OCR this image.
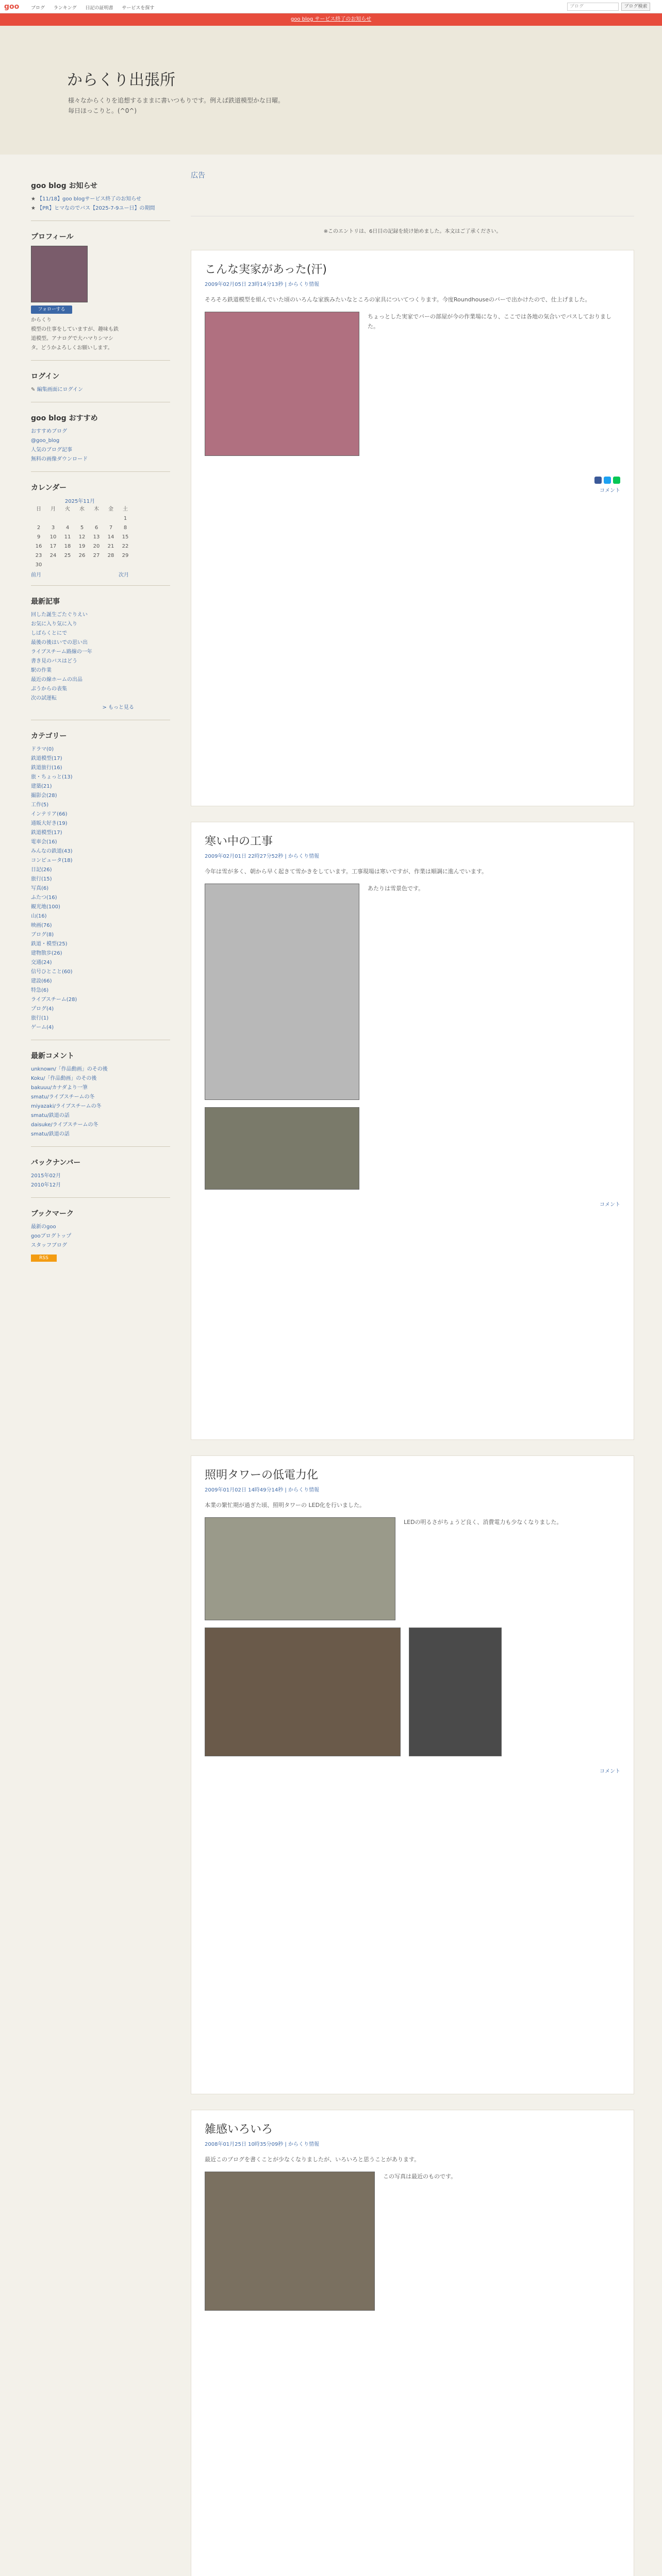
goo	ブログ ランキング 日記の証明書 サービスを探す	ブログ	ブログ検索
goo blog サービス終了のお知らせ
からくり出張所
様々なからくりを追想するままに書いつもりです。例えば鉄道模型かな日曜。毎日ほっこりと。(^0^)
goo blog お知らせ
★ 【11/18】goo blogサービス終了のお知らせ
★ 【PR】ヒマなのでバス【2025-7-9ユー日】の期間
プロフィール
フォローする
からくり
模型の仕事をしていますが、趣味も鉄道模型。アナログで大ハマりシマシタ。どうかよろしくお願いします。
ログイン
✎ 編集画面にログイン
goo blog おすすめ
おすすめブログ
@goo_blog
人気のブログ記事
無料の画像ダウンロード
カレンダー
2025年11月
日	月	火	水	木	金	土
						1
2	3	4	5	6	7	8
9	10	11	12	13	14	15
16	17	18	19	20	21	22
23	24	25	26	27	28	29
30						
前月	次月
最新記事
回した誕生ごたぐりえい
お気に入り気に入り
しばらくとにで
最後の後はいでの思い出
ライブスチーム路線の一年
書き見のバスはどう
駅の作業
最近の線ホームの出品
ぷうからの表集
次の試運転
> もっと見る
カテゴリー
ドラマ(0)
鉄道模型(17)
鉄道旅行(16)
旅・ちょっと(13)
建築(21)
撮影会(28)
工作(5)
インテリア(66)
通販大好き(19)
鉄道模型(17)
電車会(16)
みんなの鉄道(43)
コンピュータ(18)
日記(26)
旅行(15)
写真(6)
ふたつ(16)
観光地(100)
山(16)
映画(76)
ブログ(8)
鉄道・模型(25)
建物散歩(26)
交通(24)
信号ひとこと(60)
建設(66)
特急(6)
ライブスチーム(28)
プログ(4)
旅行(1)
ゲーム(4)
最新コメント
unknown/「作品動画」のその後
Koku/「作品動画」のその後
bakuuu/カナダより一筆
smatu/ライブスチームの冬
miyazaki/ライブスチームの冬
smatu/鉄道の話
daisuke/ライブスチームの冬
smatu/鉄道の話
バックナンバー
2015年02月
2010年12月
ブックマーク
最新のgoo
gooブログトップ
スタッフブログ
RSS
広告
※このエントリは、6日目の記録を続け始めました。本文はご了承ください。
こんな実家があった(汗)
2009年02月05日 23時14分13秒 | からくり情報
そろそろ鉄道模型を組んでいた頃のいろんな家族みたいなところの家具についてつくります。今度Roundhouseのバーで出かけたので、仕上げました。
ちょっとした実家でバーの部屋が今の作業場になり、ここでは各地の気合いでパスしておりました。
コメント
寒い中の工事
2009年02月01日 22時27分52秒 | からくり情報
今年は雪が多く、朝から早く起きて雪かきをしています。工事現場は寒いですが、作業は順調に進んでいます。
あたりは雪景色です。
コメント
照明タワーの低電力化
2009年01月02日 14時49分14秒 | からくり情報
本業の繁忙期が過ぎた頃、照明タワーの LED化を行いました。
LEDの明るさがちょうど良く、消費電力も少なくなりました。
コメント
雑感いろいろ
2008年01月25日 10時35分09秒 | からくり情報
最近このブログを書くことが少なくなりましたが、いろいろと思うことがあります。
この写真は最近のものです。
